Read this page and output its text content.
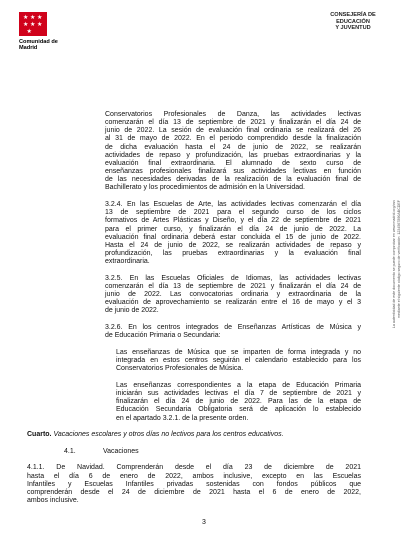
★ ★ ★
★ ★ ★
★
Comunidad de Madrid
CONSEJERÍA DE EDUCACIÓN
Y JUVENTUD
La autenticidad de este documento se puede comprobar en www.madrid.org/csv mediante el siguiente código seguro de verificación: 1234567890ABCDEF
Conservatorios Profesionales de Danza, las actividades lectivas
comenzarán el día 13 de septiembre de 2021 y finalizarán el día 24 de
junio de 2022. La sesión de evaluación final ordinaria se realizará del 26
al 31 de mayo de 2022. En el periodo comprendido desde la finalización
de dicha evaluación hasta el 24 de junio de 2022, se realizarán
actividades de repaso y profundización, las pruebas extraordinarias y la
evaluación final extraordinaria. El alumnado de sexto curso de
enseñanzas profesionales finalizará sus actividades lectivas en función
de las necesidades derivadas de la realización de la evaluación final de
Bachillerato y los procedimientos de admisión en la Universidad.
3.2.4. En las Escuelas de Arte, las actividades lectivas comenzarán el día
13 de septiembre de 2021 para el segundo curso de los ciclos
formativos de Artes Plásticas y Diseño, y el día 22 de septiembre de 2021
para el primer curso, y finalizarán el día 24 de junio de 2022. La
evaluación final ordinaria deberá estar concluida el 15 de junio de 2022.
Hasta el 24 de junio de 2022, se realizarán actividades de repaso y
profundización, las pruebas extraordinarias y la evaluación final
extraordinaria.
3.2.5. En las Escuelas Oficiales de Idiomas, las actividades lectivas
comenzarán el día 13 de septiembre de 2021 y finalizarán el día 24 de
junio de 2022. Las convocatorias ordinaria y extraordinaria de la
evaluación de aprovechamiento se realizarán entre el 16 de mayo y el 3
de junio de 2022.
3.2.6. En los centros integrados de Enseñanzas Artísticas de Música y
de Educación Primaria o Secundaria:
Las enseñanzas de Música que se imparten de forma integrada y no
integrada en estos centros seguirán el calendario establecido para los
Conservatorios Profesionales de Música.
Las enseñanzas correspondientes a la etapa de Educación Primaria
iniciarán sus actividades lectivas el día 7 de septiembre de 2021 y
finalizarán el día 24 de junio de 2022. Para las de la etapa de
Educación Secundaria Obligatoria será de aplicación lo establecido
en el apartado 3.2.1. de la presente orden.
Cuarto. Vacaciones escolares y otros días no lectivos para los centros educativos.
4.1.	Vacaciones
4.1.1. De Navidad. Comprenderán desde el día 23 de diciembre de 2021
hasta el día 6 de enero de 2022, ambos inclusive, excepto en las Escuelas
Infantiles y Escuelas Infantiles privadas sostenidas con fondos públicos que
comprenderán desde el 24 de diciembre de 2021 hasta el 6 de enero de 2022,
ambos inclusive.
3
